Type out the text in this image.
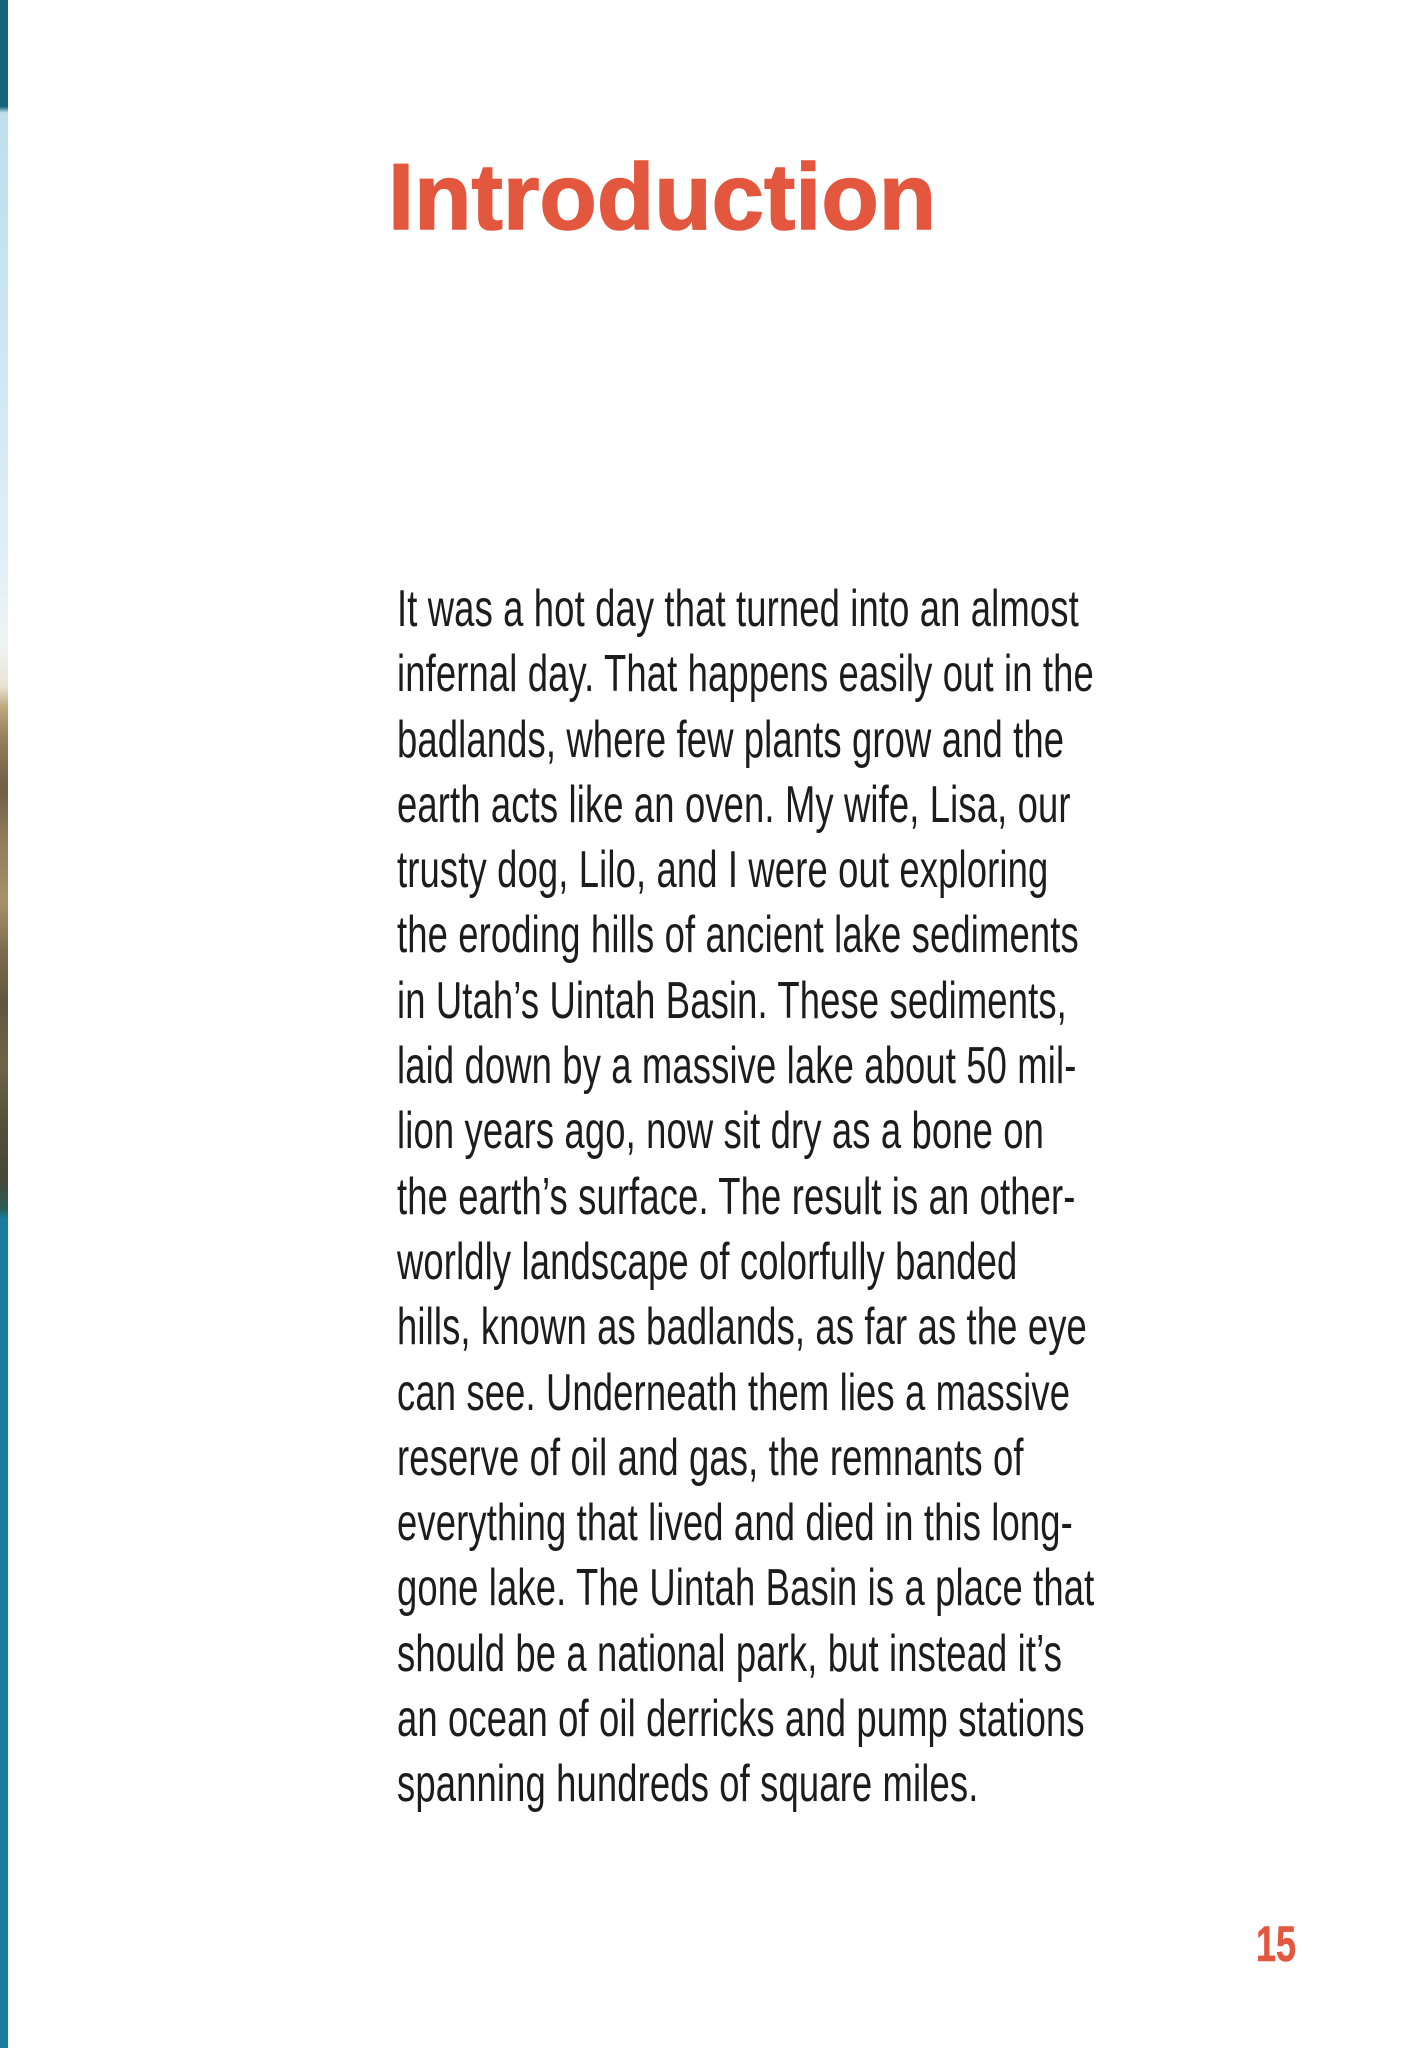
Introduction
It was a hot day that turned into an almost
infernal day. That happens easily out in the
badlands, where few plants grow and the
earth acts like an oven. My wife, Lisa, our
trusty dog, Lilo, and I were out exploring
the eroding hills of ancient lake sediments
in Utah’s Uintah Basin. These sediments,
laid down by a massive lake about 50 mil-
lion years ago, now sit dry as a bone on
the earth’s surface. The result is an other-
worldly landscape of colorfully banded
hills, known as badlands, as far as the eye
can see. Underneath them lies a massive
reserve of oil and gas, the remnants of
everything that lived and died in this long-
gone lake. The Uintah Basin is a place that
should be a national park, but instead it’s
an ocean of oil derricks and pump stations
spanning hundreds of square miles.
15
